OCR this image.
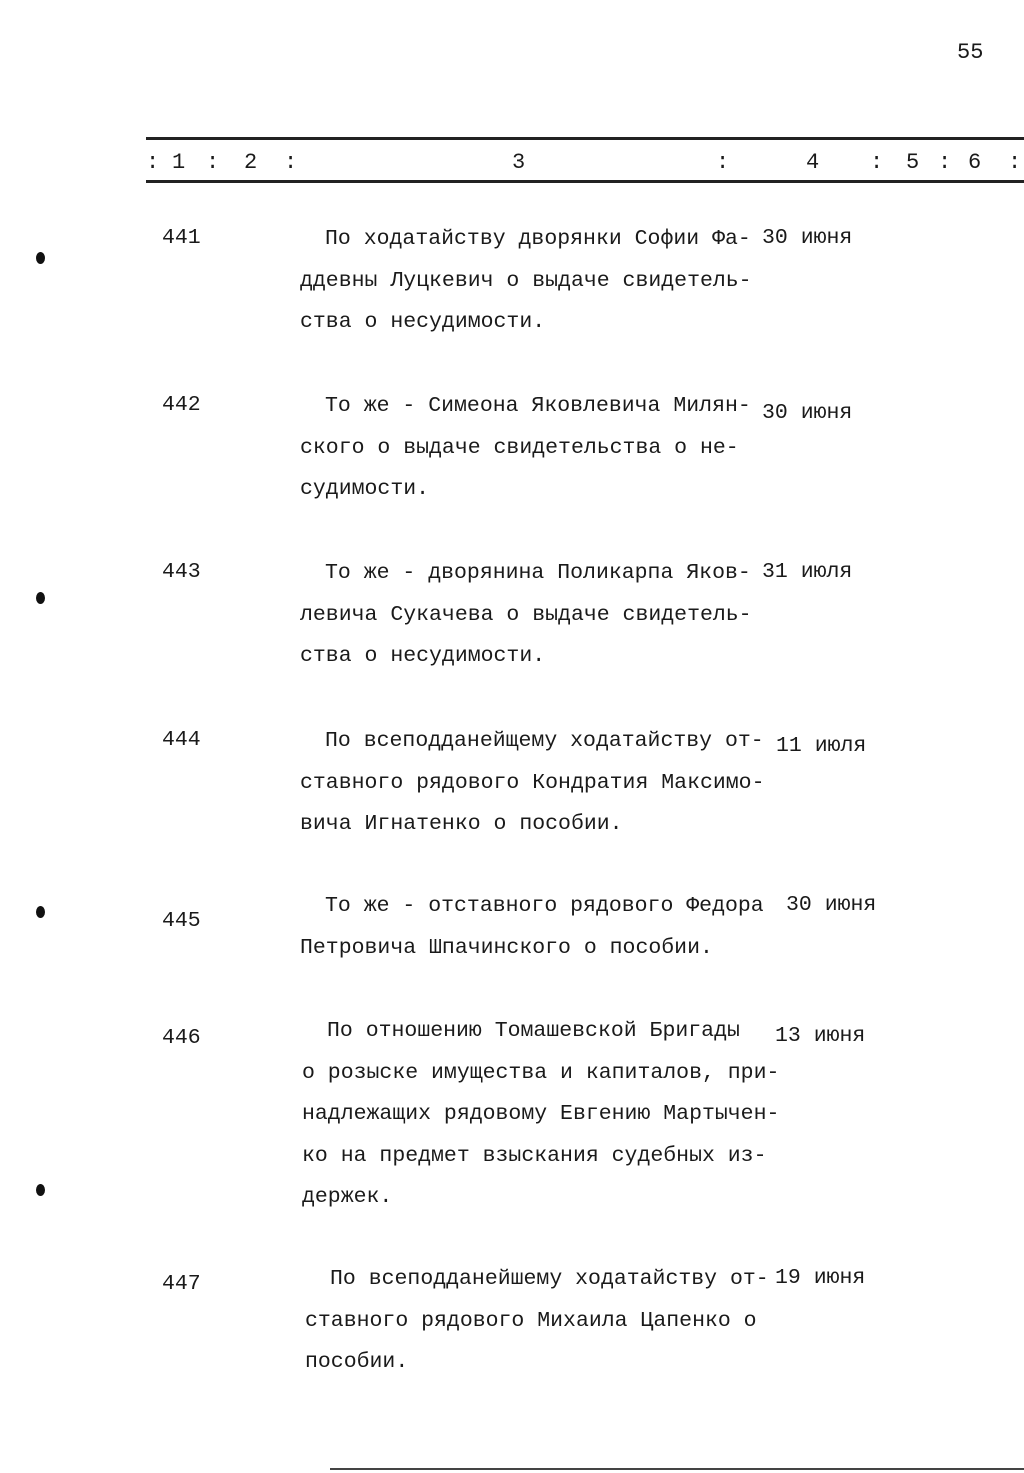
55
: 1 : 2 :	3	:	4 : 5 : 6 :
441	По ходатайству дворянки Софии Фа-
ддевны Луцкевич о выдаче свидетель-
ства о несудимости.
30 июня
442	То же - Симеона Яковлевича Милян-
ского о выдаче свидетельства о не-
судимости.
30 июня
443	То же - дворянина Поликарпа Яков-
левича Сукачева о выдаче свидетель-
ства о несудимости.
31 июля
444	По всеподданейщему ходатайству от-
ставного рядового Кондратия Максимо-
вича Игнатенко о пособии.
11 июля
445
То же - отставного рядового Федора
Петровича Шпачинского о пособии.
30 июня
446	По отношению Томашевской Бригады
о розыске имущества и капиталов, при-
надлежащих рядовому Евгению Мартычен-
ко на предмет взыскания судебных из-
держек.
13 июня
447	По всеподданейшему ходатайству от-
ставного рядового Михаила Цапенко о
пособии.
19 июня
